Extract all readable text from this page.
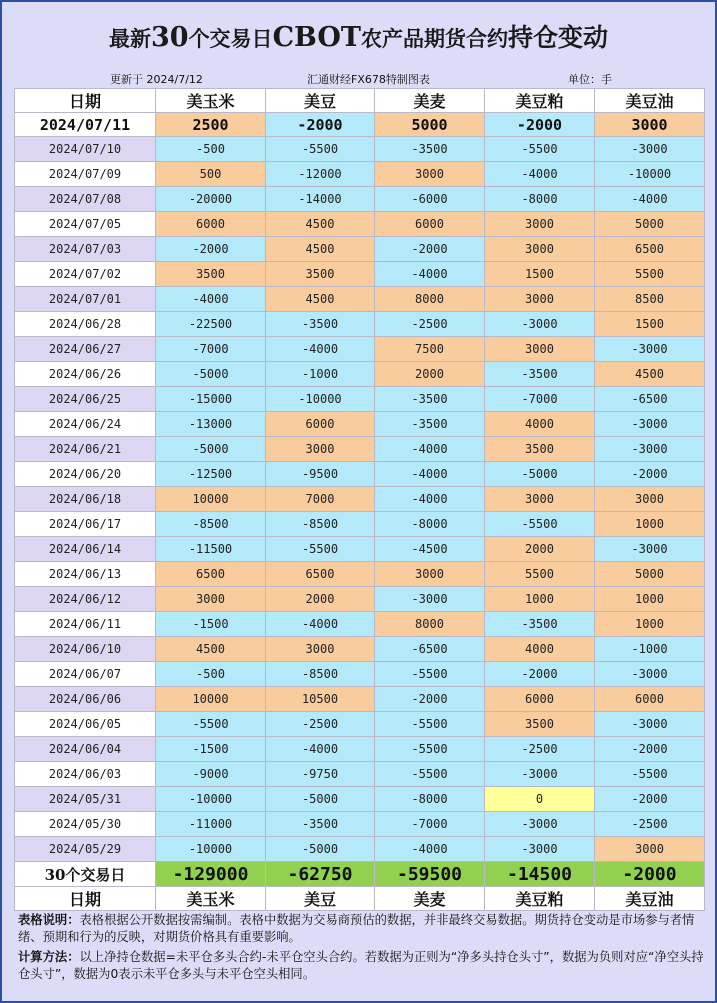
最新30个交易日CBOT农产品期货合约持仓变动
更新于 2024/7/12	汇通财经FX678特制图表	单位：手
日期	美玉米	美豆	美麦	美豆粕	美豆油
2024/07/11	2500	-2000	5000	-2000	3000
2024/07/10	-500	-5500	-3500	-5500	-3000
2024/07/09	500	-12000	3000	-4000	-10000
2024/07/08	-20000	-14000	-6000	-8000	-4000
2024/07/05	6000	4500	6000	3000	5000
2024/07/03	-2000	4500	-2000	3000	6500
2024/07/02	3500	3500	-4000	1500	5500
2024/07/01	-4000	4500	8000	3000	8500
2024/06/28	-22500	-3500	-2500	-3000	1500
2024/06/27	-7000	-4000	7500	3000	-3000
2024/06/26	-5000	-1000	2000	-3500	4500
2024/06/25	-15000	-10000	-3500	-7000	-6500
2024/06/24	-13000	6000	-3500	4000	-3000
2024/06/21	-5000	3000	-4000	3500	-3000
2024/06/20	-12500	-9500	-4000	-5000	-2000
2024/06/18	10000	7000	-4000	3000	3000
2024/06/17	-8500	-8500	-8000	-5500	1000
2024/06/14	-11500	-5500	-4500	2000	-3000
2024/06/13	6500	6500	3000	5500	5000
2024/06/12	3000	2000	-3000	1000	1000
2024/06/11	-1500	-4000	8000	-3500	1000
2024/06/10	4500	3000	-6500	4000	-1000
2024/06/07	-500	-8500	-5500	-2000	-3000
2024/06/06	10000	10500	-2000	6000	6000
2024/06/05	-5500	-2500	-5500	3500	-3000
2024/06/04	-1500	-4000	-5500	-2500	-2000
2024/06/03	-9000	-9750	-5500	-3000	-5500
2024/05/31	-10000	-5000	-8000	0	-2000
2024/05/30	-11000	-3500	-7000	-3000	-2500
2024/05/29	-10000	-5000	-4000	-3000	3000
30个交易日	-129000	-62750	-59500	-14500	-2000
日期	美玉米	美豆	美麦	美豆粕	美豆油

表格说明：表格根据公开数据按需编制。表格中数据为交易商预估的数据，并非最终交易数据。期货持仓变动是市场参与者情绪、预期和行为的反映，对期货价格具有重要影响。

计算方法：以上净持仓数据=未平仓多头合约-未平仓空头合约。若数据为正则为“净多头持仓头寸”，数据为负则对应“净空头持仓头寸”，数据为0表示未平仓多头与未平仓空头相同。
